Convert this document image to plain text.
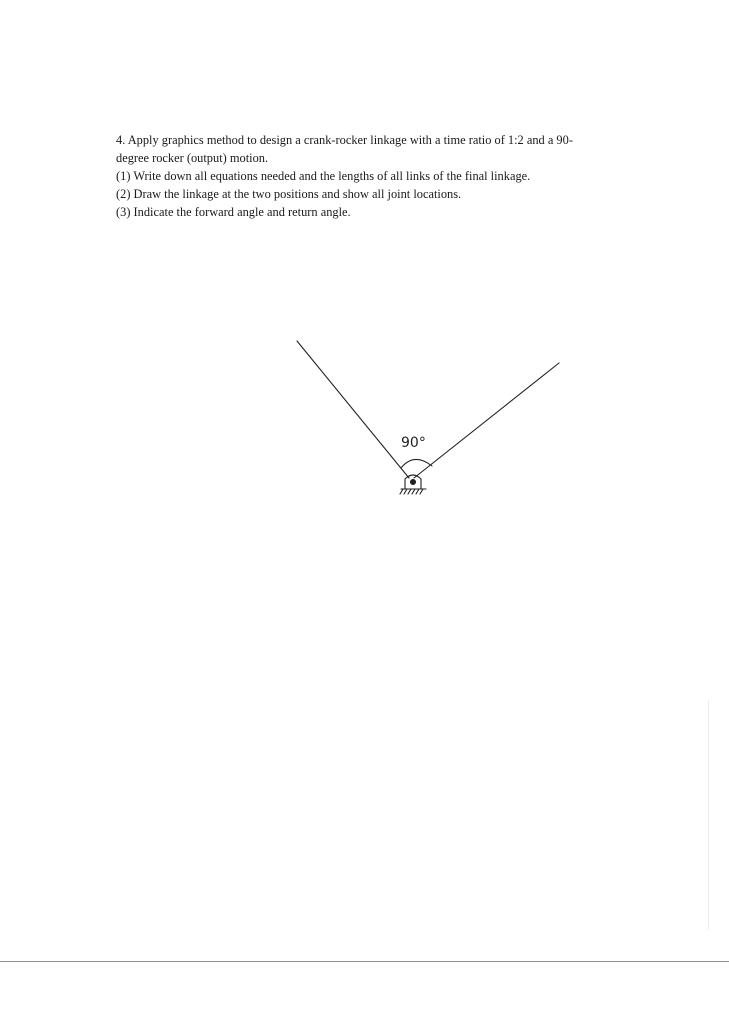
4. Apply graphics method to design a crank-rocker linkage with a time ratio of 1:2 and a 90-

degree rocker (output) motion.

(1) Write down all equations needed and the lengths of all links of the final linkage.

(2) Draw the linkage at the two positions and show all joint locations.

(3) Indicate the forward angle and return angle.

90°
